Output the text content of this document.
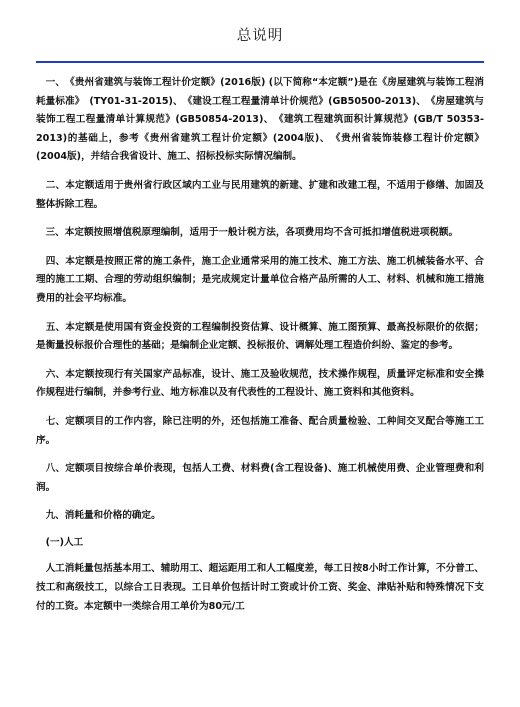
总说明

　一、　《贵州省建筑与装饰工程计价定额》(2016版) (以下简称“本定额”)是在《房屋建筑与装饰工程消耗量标准》　(TY01-31-2015)、　《建设工程工程量清单计价规范》(GB50500-2013)、　《房屋建筑与装饰工程工程量清单计算规范》(GB50854-2013)、　《建筑工程建筑面积计算规范》(GB/T 50353-2013)的基础上，参考《贵州省建筑工程计价定额》(2004版)、　《贵州省装饰装修工程计价定额》(2004版)，并结合我省设计、施工、招标投标实际情况编制。

　二、本定额适用于贵州省行政区域内工业与民用建筑的新建、扩建和改建工程，不适用于修缮、加固及整体拆除工程。

　三、本定额按照增值税原理编制，适用于一般计税方法，各项费用均不含可抵扣增值税进项税额。

　四、本定额是按照正常的施工条件，施工企业通常采用的施工技术、施工方法、施工机械装备水平、合理的施工工期、合理的劳动组织编制；是完成规定计量单位合格产品所需的人工、材料、机械和施工措施费用的社会平均标准。

　五、本定额是使用国有资金投资的工程编制投资估算、设计概算、施工图预算、最高投标限价的依据；是衡量投标报价合理性的基础；是编制企业定额、投标报价、调解处理工程造价纠纷、鉴定的参考。

　六、本定额按现行有关国家产品标准，设计、施工及验收规范，技术操作规程，质量评定标准和安全操作规程进行编制，并参考行业、地方标准以及有代表性的工程设计、施工资料和其他资料。

　七、定额项目的工作内容，除已注明的外，还包括施工准备、配合质量检验、工种间交叉配合等施工工序。

　八、定额项目按综合单价表现，包括人工费、材料费(含工程设备)、施工机械使用费、企业管理费和利润。

　九、消耗量和价格的确定。

　(一)人工

　人工消耗量包括基本用工、辅助用工、超运距用工和人工幅度差，每工日按8小时工作计算，不分普工、技工和高级技工，以综合工日表现。工日单价包括计时工资或计价工资、奖金、津贴补贴和特殊情况下支付的工资。本定额中一类综合用工单价为80元/工
